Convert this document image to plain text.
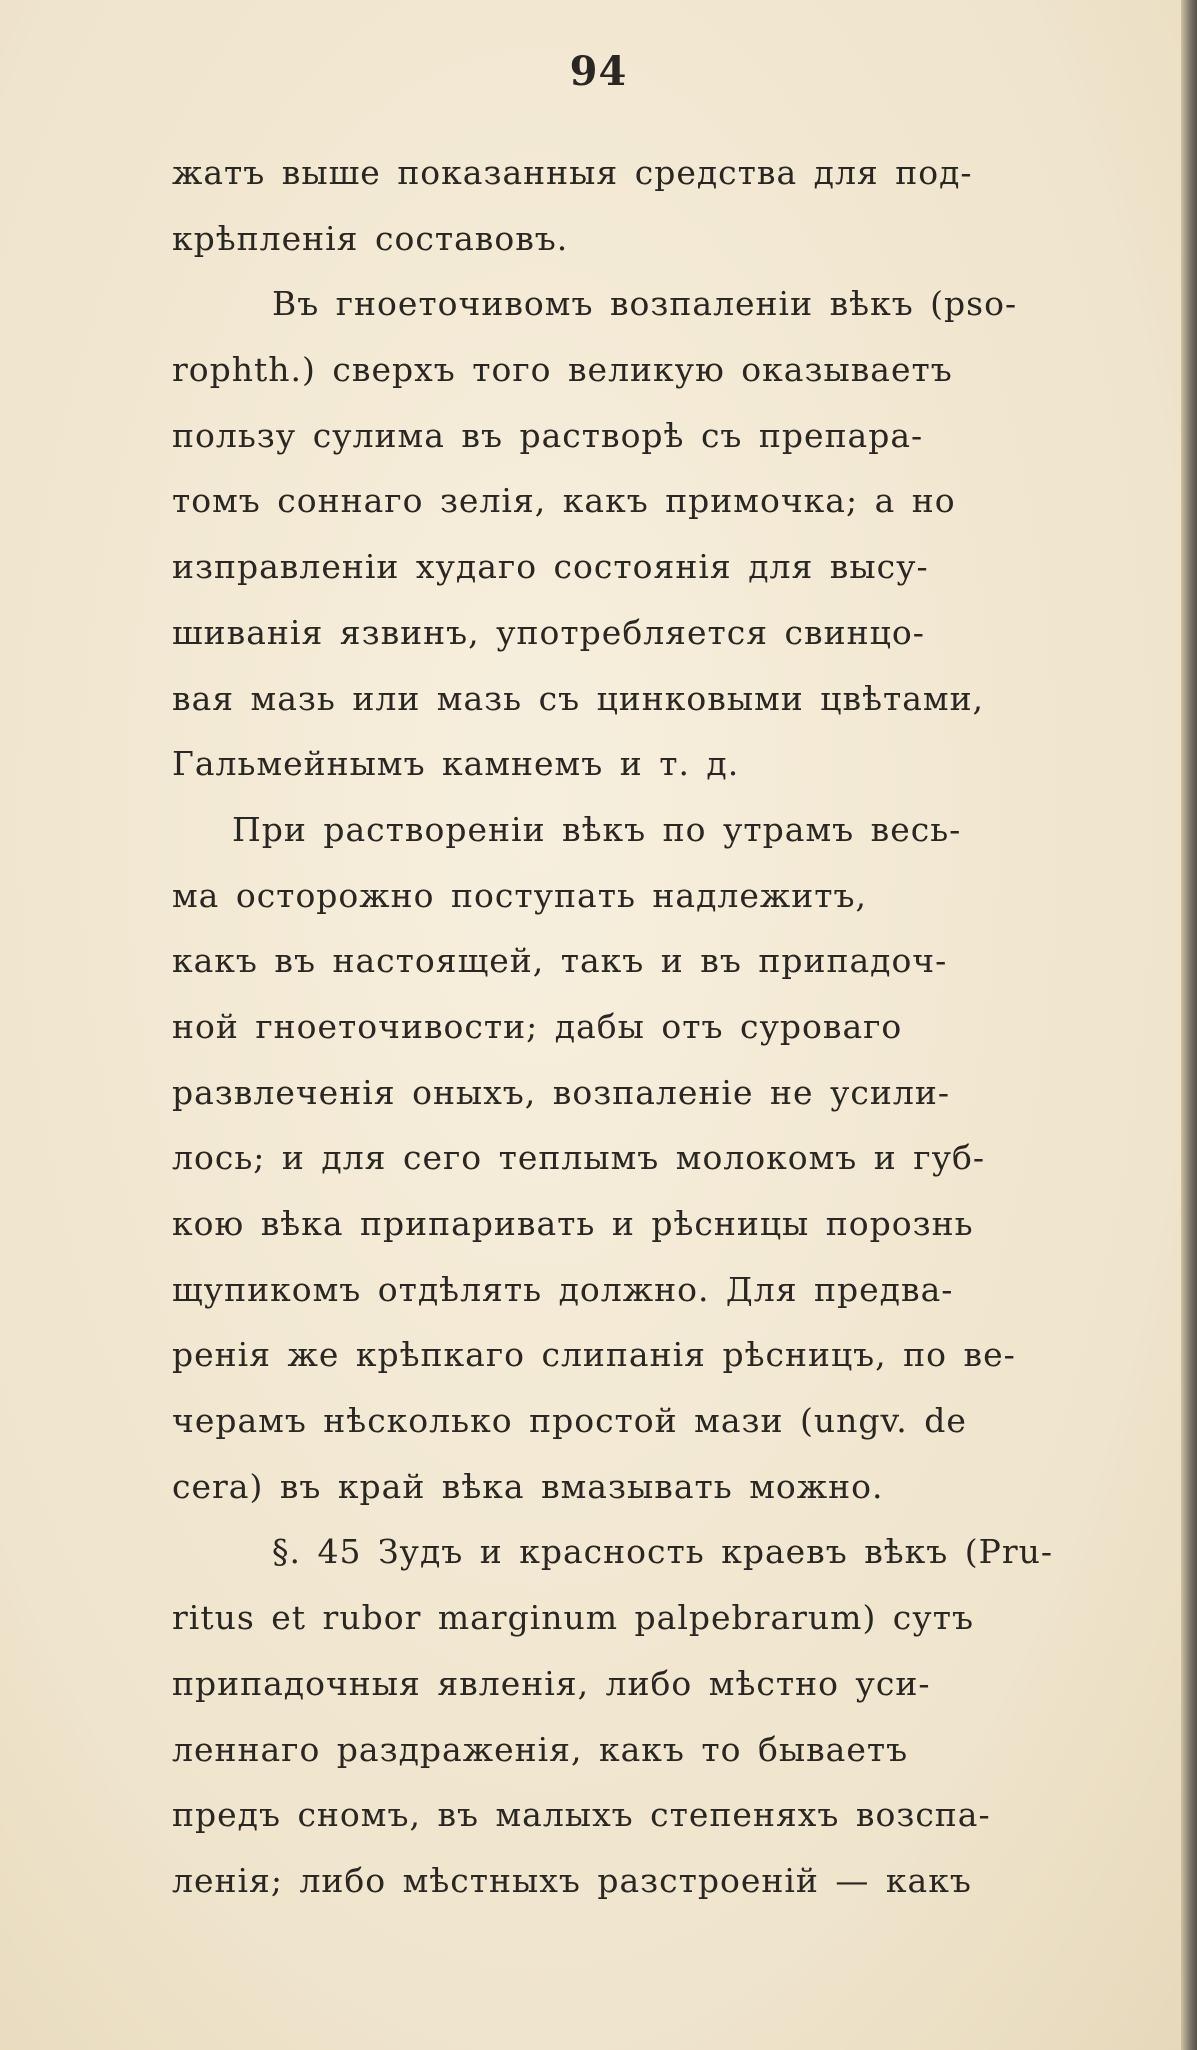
94
жатъ выше показанныя средства для под-
крѣпленія составовъ.
Въ гноеточивомъ возпаленіи вѣкъ (pso-
rophth.) сверхъ того великую оказываетъ
пользу сулима въ растворѣ съ препара-
томъ соннаго зелія, какъ примочка; а но
изправленіи худаго состоянія для высу-
шиванія язвинъ, употребляется свинцо-
вая мазь или мазь съ цинковыми цвѣтами,
Гальмейнымъ камнемъ и т. д.
При раствореніи вѣкъ по утрамъ весь-
ма осторожно поступать надлежитъ,
какъ въ настоящей, такъ и въ припадоч-
ной гноеточивости; дабы отъ суроваго
развлеченія оныхъ, возпаленіе не усили-
лось; и для сего теплымъ молокомъ и губ-
кою вѣка припаривать и рѣсницы порознь
щупикомъ отдѣлять должно. Для предва-
ренія же крѣпкаго слипанія рѣсницъ, по ве-
черамъ нѣсколько простой мази (ungv. de
cera) въ край вѣка вмазывать можно.
§. 45 Зудъ и красность краевъ вѣкъ (Pru-
ritus et rubor marginum palpebrarum) сутъ
припадочныя явленія, либо мѣстно уси-
леннаго раздраженія, какъ то бываетъ
предъ сномъ, въ малыхъ степеняхъ возспа-
ленія; либо мѣстныхъ разстроеній — какъ
